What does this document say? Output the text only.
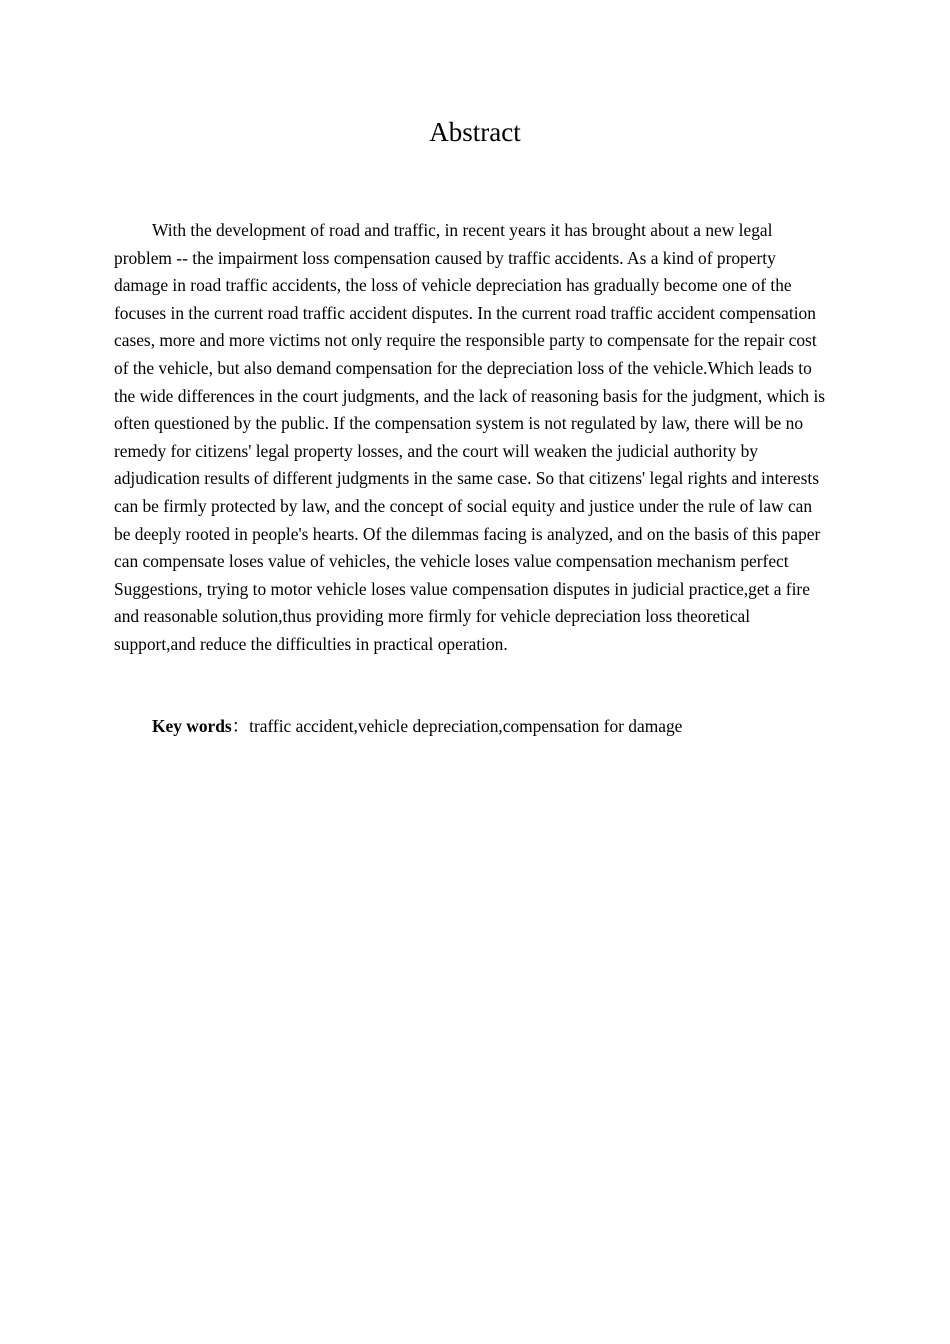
Abstract

With the development of road and traffic, in recent years it has brought about a new legal problem -- the impairment loss compensation caused by traffic accidents. As a kind of property damage in road traffic accidents, the loss of vehicle depreciation has gradually become one of the focuses in the current road traffic accident disputes. In the current road traffic accident compensation cases, more and more victims not only require the responsible party to compensate for the repair cost of the vehicle, but also demand compensation for the depreciation loss of the vehicle.Which leads to the wide differences in the court judgments, and the lack of reasoning basis for the judgment, which is often questioned by the public. If the compensation system is not regulated by law, there will be no remedy for citizens' legal property losses, and the court will weaken the judicial authority by adjudication results of different judgments in the same case. So that citizens' legal rights and interests can be firmly protected by law, and the concept of social equity and justice under the rule of law can be deeply rooted in people's hearts. Of the dilemmas facing is analyzed, and on the basis of this paper can compensate loses value of vehicles, the vehicle loses value compensation mechanism perfect Suggestions, trying to motor vehicle loses value compensation disputes in judicial practice,get a fire and reasonable solution,thus providing more firmly for vehicle depreciation loss theoretical support,and reduce the difficulties in practical operation.

Key words：traffic accident,vehicle depreciation,compensation for damage
